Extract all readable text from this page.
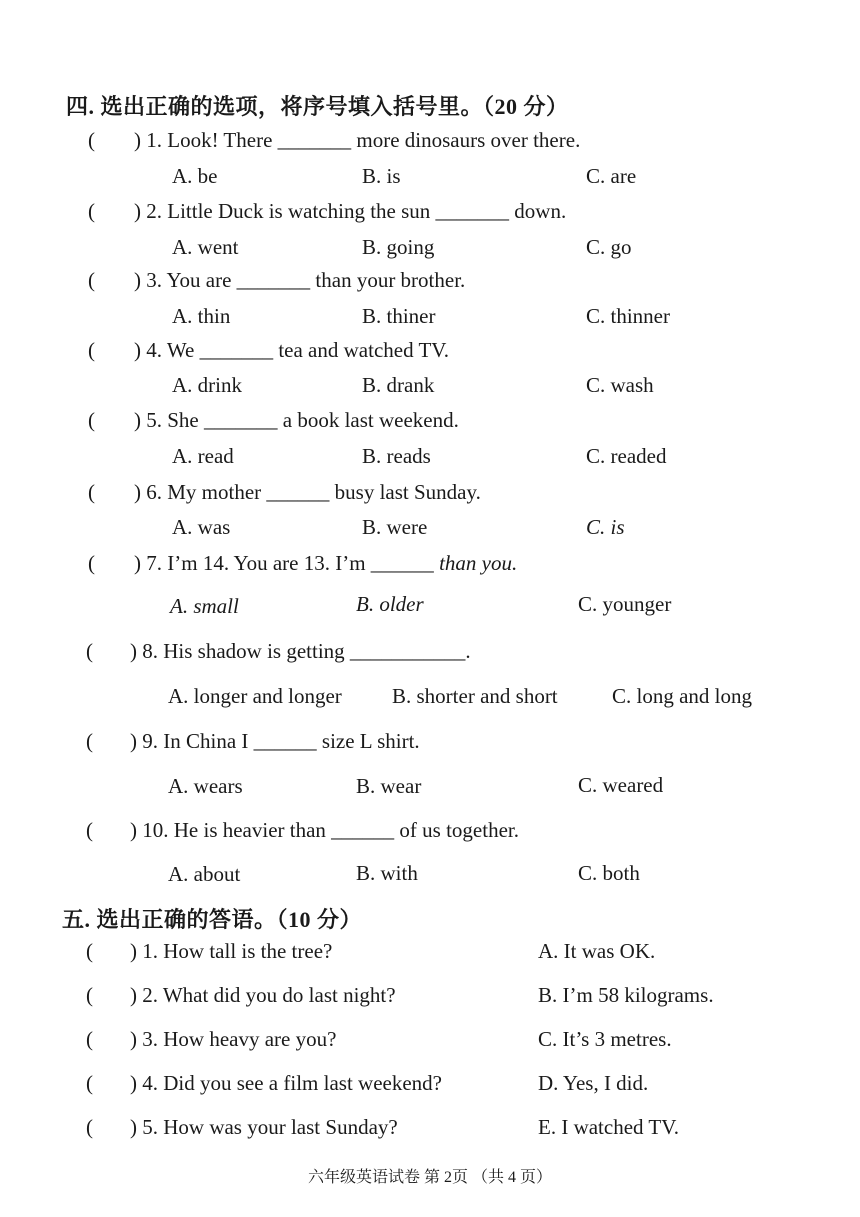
四. 选出正确的选项，将序号填入括号里。（20 分）
( ) 1. Look! There _______ more dinosaurs over there.
A. be	B. is	C. are
( ) 2. Little Duck is watching the sun _______ down.
A. went	B. going	C. go
( ) 3. You are _______ than your brother.
A. thin	B. thiner	C. thinner
( ) 4. We _______ tea and watched TV.
A. drink	B. drank	C. wash
( ) 5. She _______ a book last weekend.
A. read	B. reads	C. readed
( ) 6. My mother ______ busy last Sunday.
A. was	B. were	C. is
( ) 7. I’m 14. You are 13. I’m ______ than you.
A. small	B. older	C. younger
( ) 8. His shadow is getting ___________.
A. longer and longer B. shorter and short	C. long and long
( ) 9. In China I ______ size L shirt.
A. wears	B. wear	C. weared
( ) 10. He is heavier than ______ of us together.
A. about	B. with	C. both
五. 选出正确的答语。（10 分）
( ) 1. How tall is the tree?	A. It was OK.
( ) 2. What did you do last night?	B. I’m 58 kilograms.
( ) 3. How heavy are you?	C. It’s 3 metres.
( ) 4. Did you see a film last weekend?	D. Yes, I did.
( ) 5. How was your last Sunday?	E. I watched TV.
六年级英语试卷 第 2页 （共 4 页）
